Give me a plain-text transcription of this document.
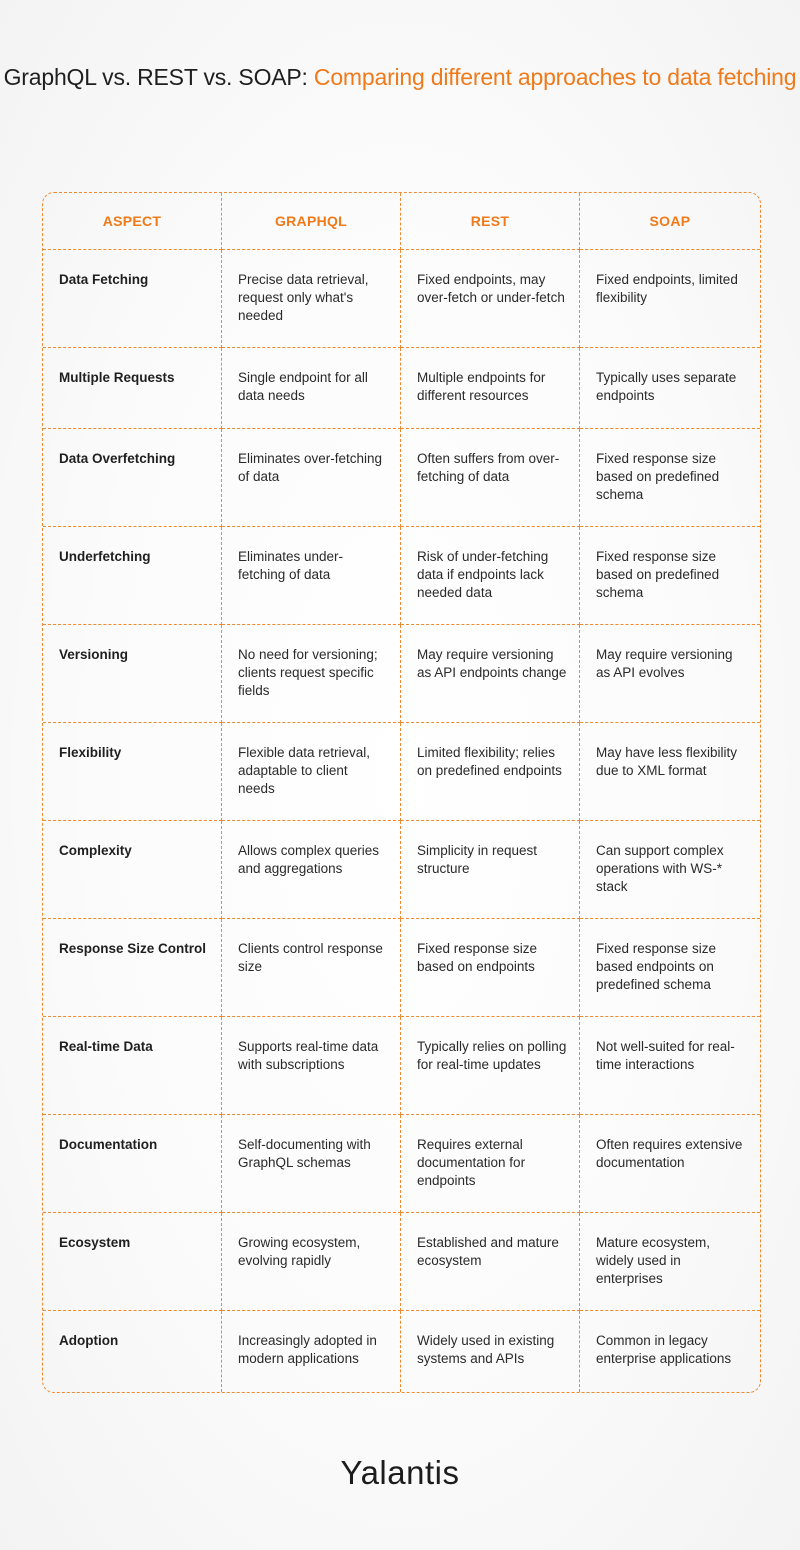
GraphQL vs. REST vs. SOAP: Comparing different approaches to data fetching
ASPECT	GRAPHQL	REST	SOAP
Data Fetching	Precise data retrieval, request only what's needed	Fixed endpoints, may over-fetch or under-fetch	Fixed endpoints, limited flexibility
Multiple Requests	Single endpoint for all data needs	Multiple endpoints for different resources	Typically uses separate endpoints
Data Overfetching	Eliminates over-fetching of data	Often suffers from over-fetching of data	Fixed response size based on predefined schema
Underfetching	Eliminates under-fetching of data	Risk of under-fetching data if endpoints lack needed data	Fixed response size based on predefined schema
Versioning	No need for versioning; clients request specific fields	May require versioning as API endpoints change	May require versioning as API evolves
Flexibility	Flexible data retrieval, adaptable to client needs	Limited flexibility; relies on predefined endpoints	May have less flexibility due to XML format
Complexity	Allows complex queries and aggregations	Simplicity in request structure	Can support complex operations with WS-* stack
Response Size Control	Clients control response size	Fixed response size based on endpoints	Fixed response size based endpoints on predefined schema
Real-time Data	Supports real-time data with subscriptions	Typically relies on polling for real-time updates	Not well-suited for real-time interactions
Documentation	Self-documenting with GraphQL schemas	Requires external documentation for endpoints	Often requires extensive documentation
Ecosystem	Growing ecosystem, evolving rapidly	Established and mature ecosystem	Mature ecosystem, widely used in enterprises
Adoption	Increasingly adopted in modern applications	Widely used in existing systems and APIs	Common in legacy enterprise applications
Yalantis
